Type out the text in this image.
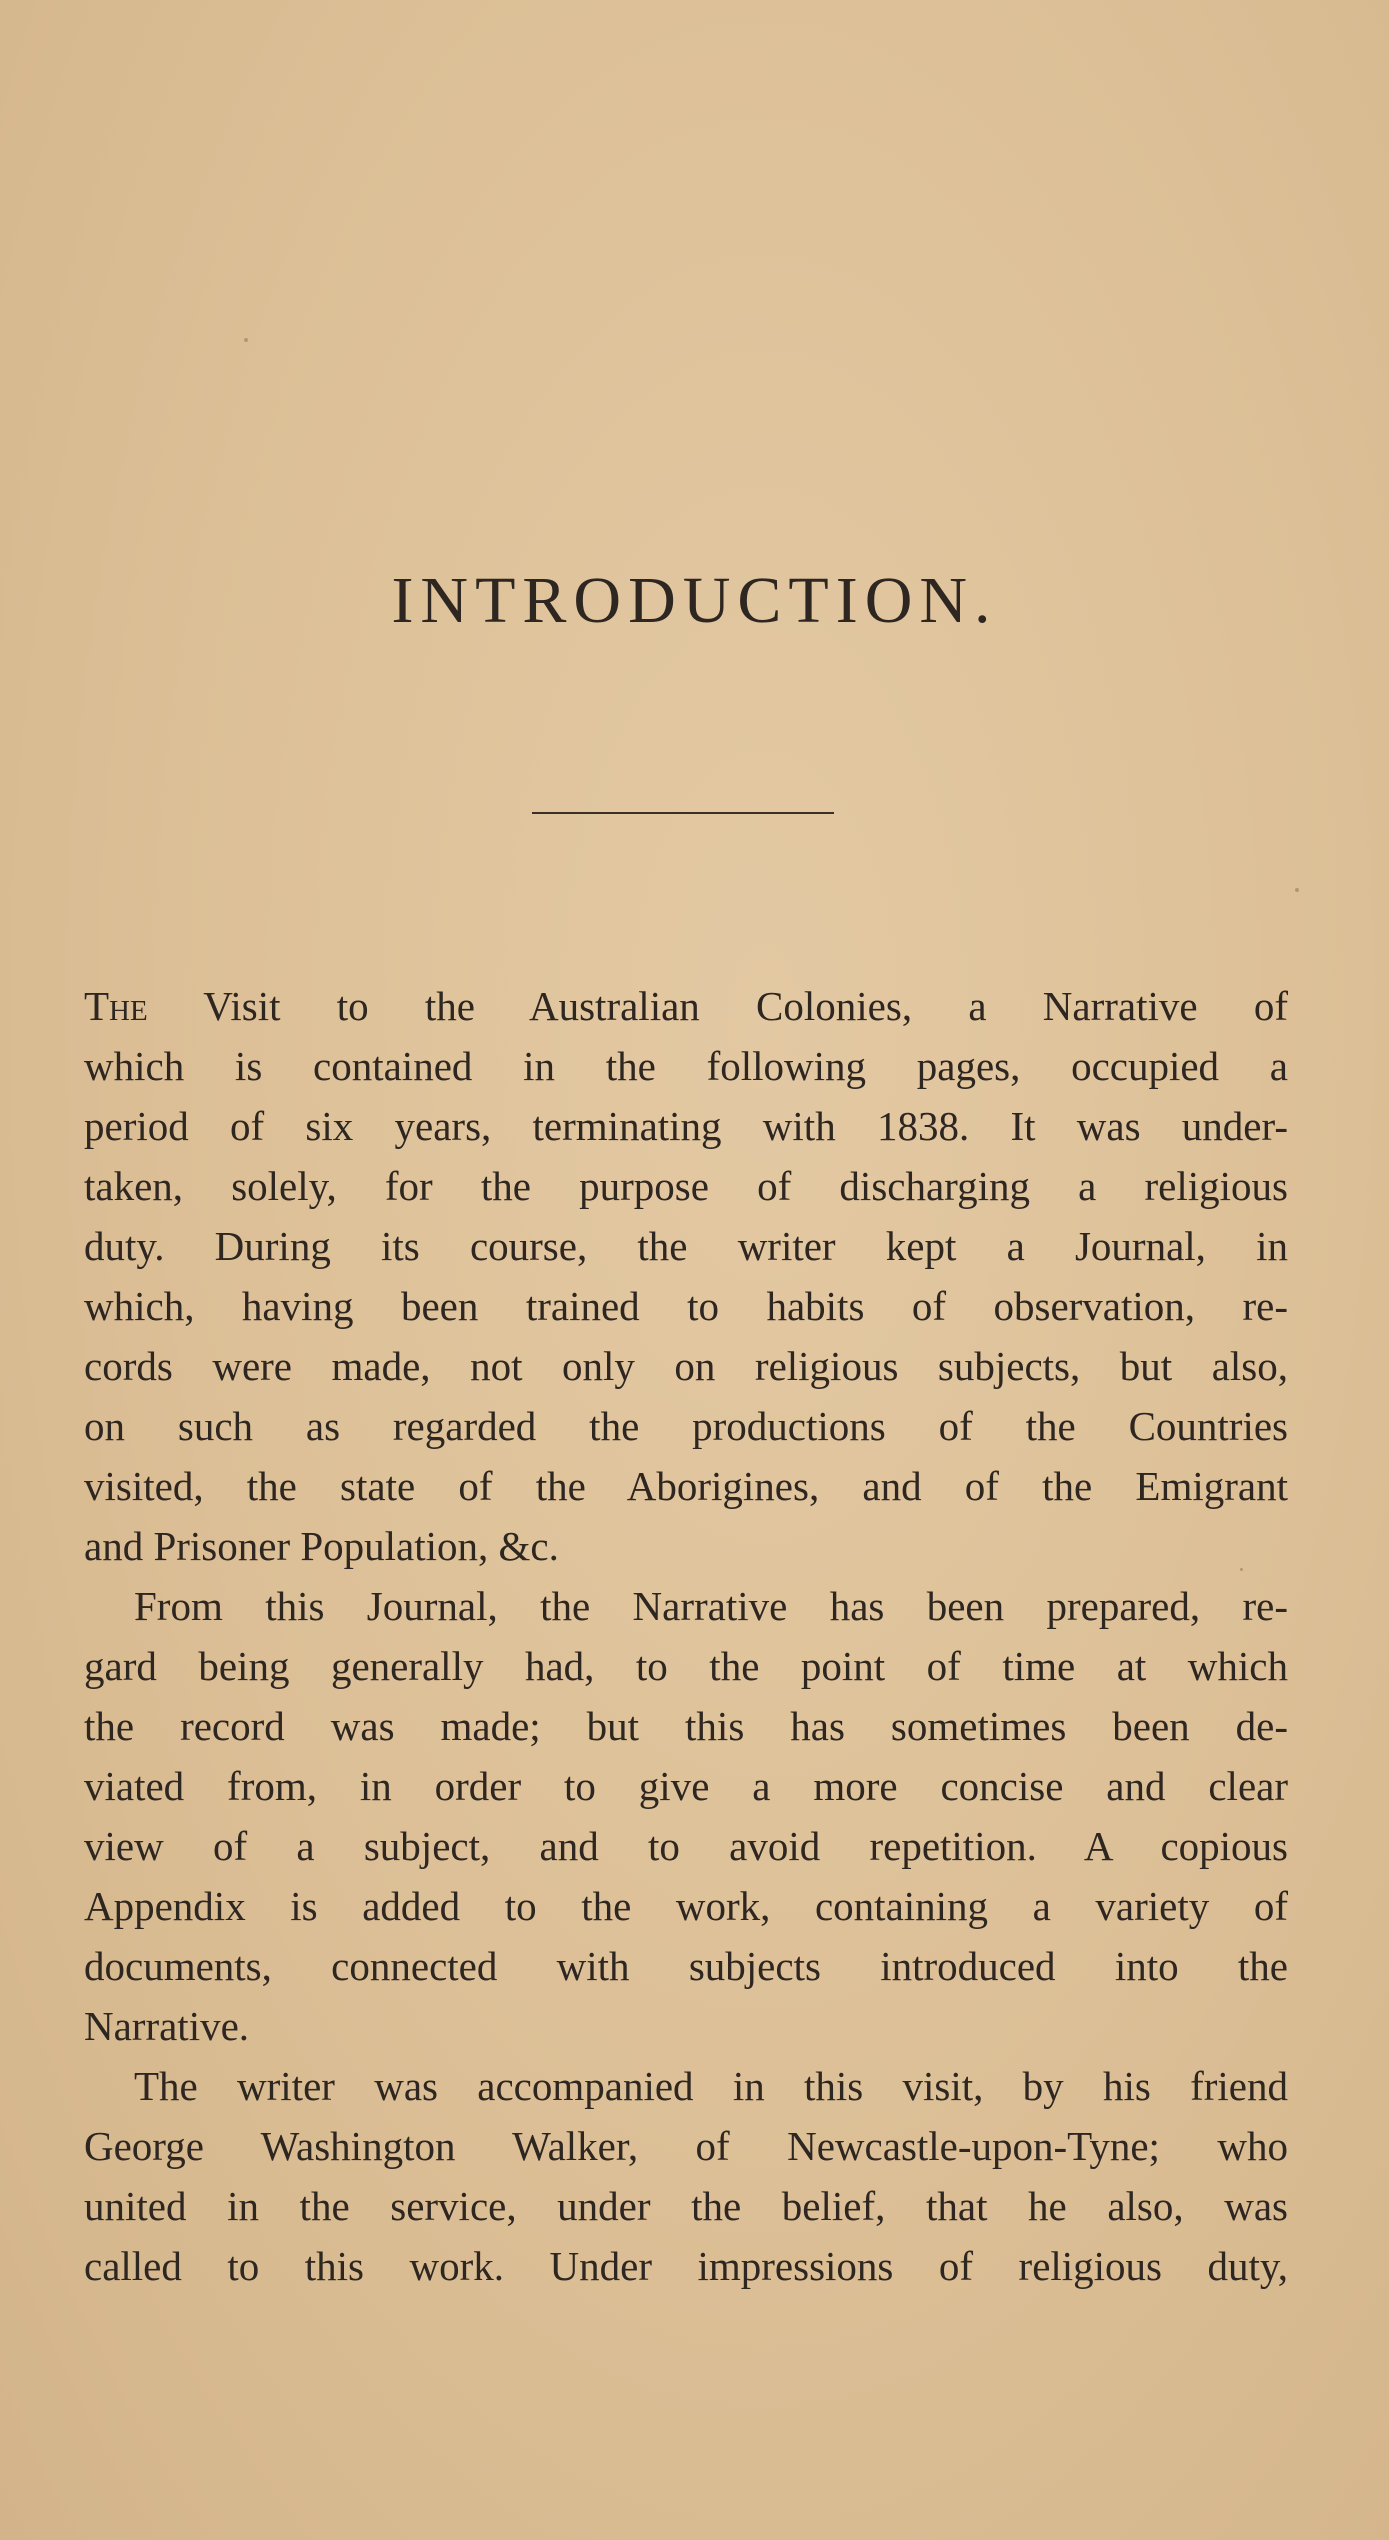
INTRODUCTION.
The Visit to the Australian Colonies, a Narrative of
which is contained in the following pages, occupied a
period of six years, terminating with 1838. It was under-
taken, solely, for the purpose of discharging a religious
duty. During its course, the writer kept a Journal, in
which, having been trained to habits of observation, re-
cords were made, not only on religious subjects, but also,
on such as regarded the productions of the Countries
visited, the state of the Aborigines, and of the Emigrant
and Prisoner Population, &c.
From this Journal, the Narrative has been prepared, re-
gard being generally had, to the point of time at which
the record was made; but this has sometimes been de-
viated from, in order to give a more concise and clear
view of a subject, and to avoid repetition. A copious
Appendix is added to the work, containing a variety of
documents, connected with subjects introduced into the
Narrative.
The writer was accompanied in this visit, by his friend
George Washington Walker, of Newcastle-upon-Tyne; who
united in the service, under the belief, that he also, was
called to this work. Under impressions of religious duty,
